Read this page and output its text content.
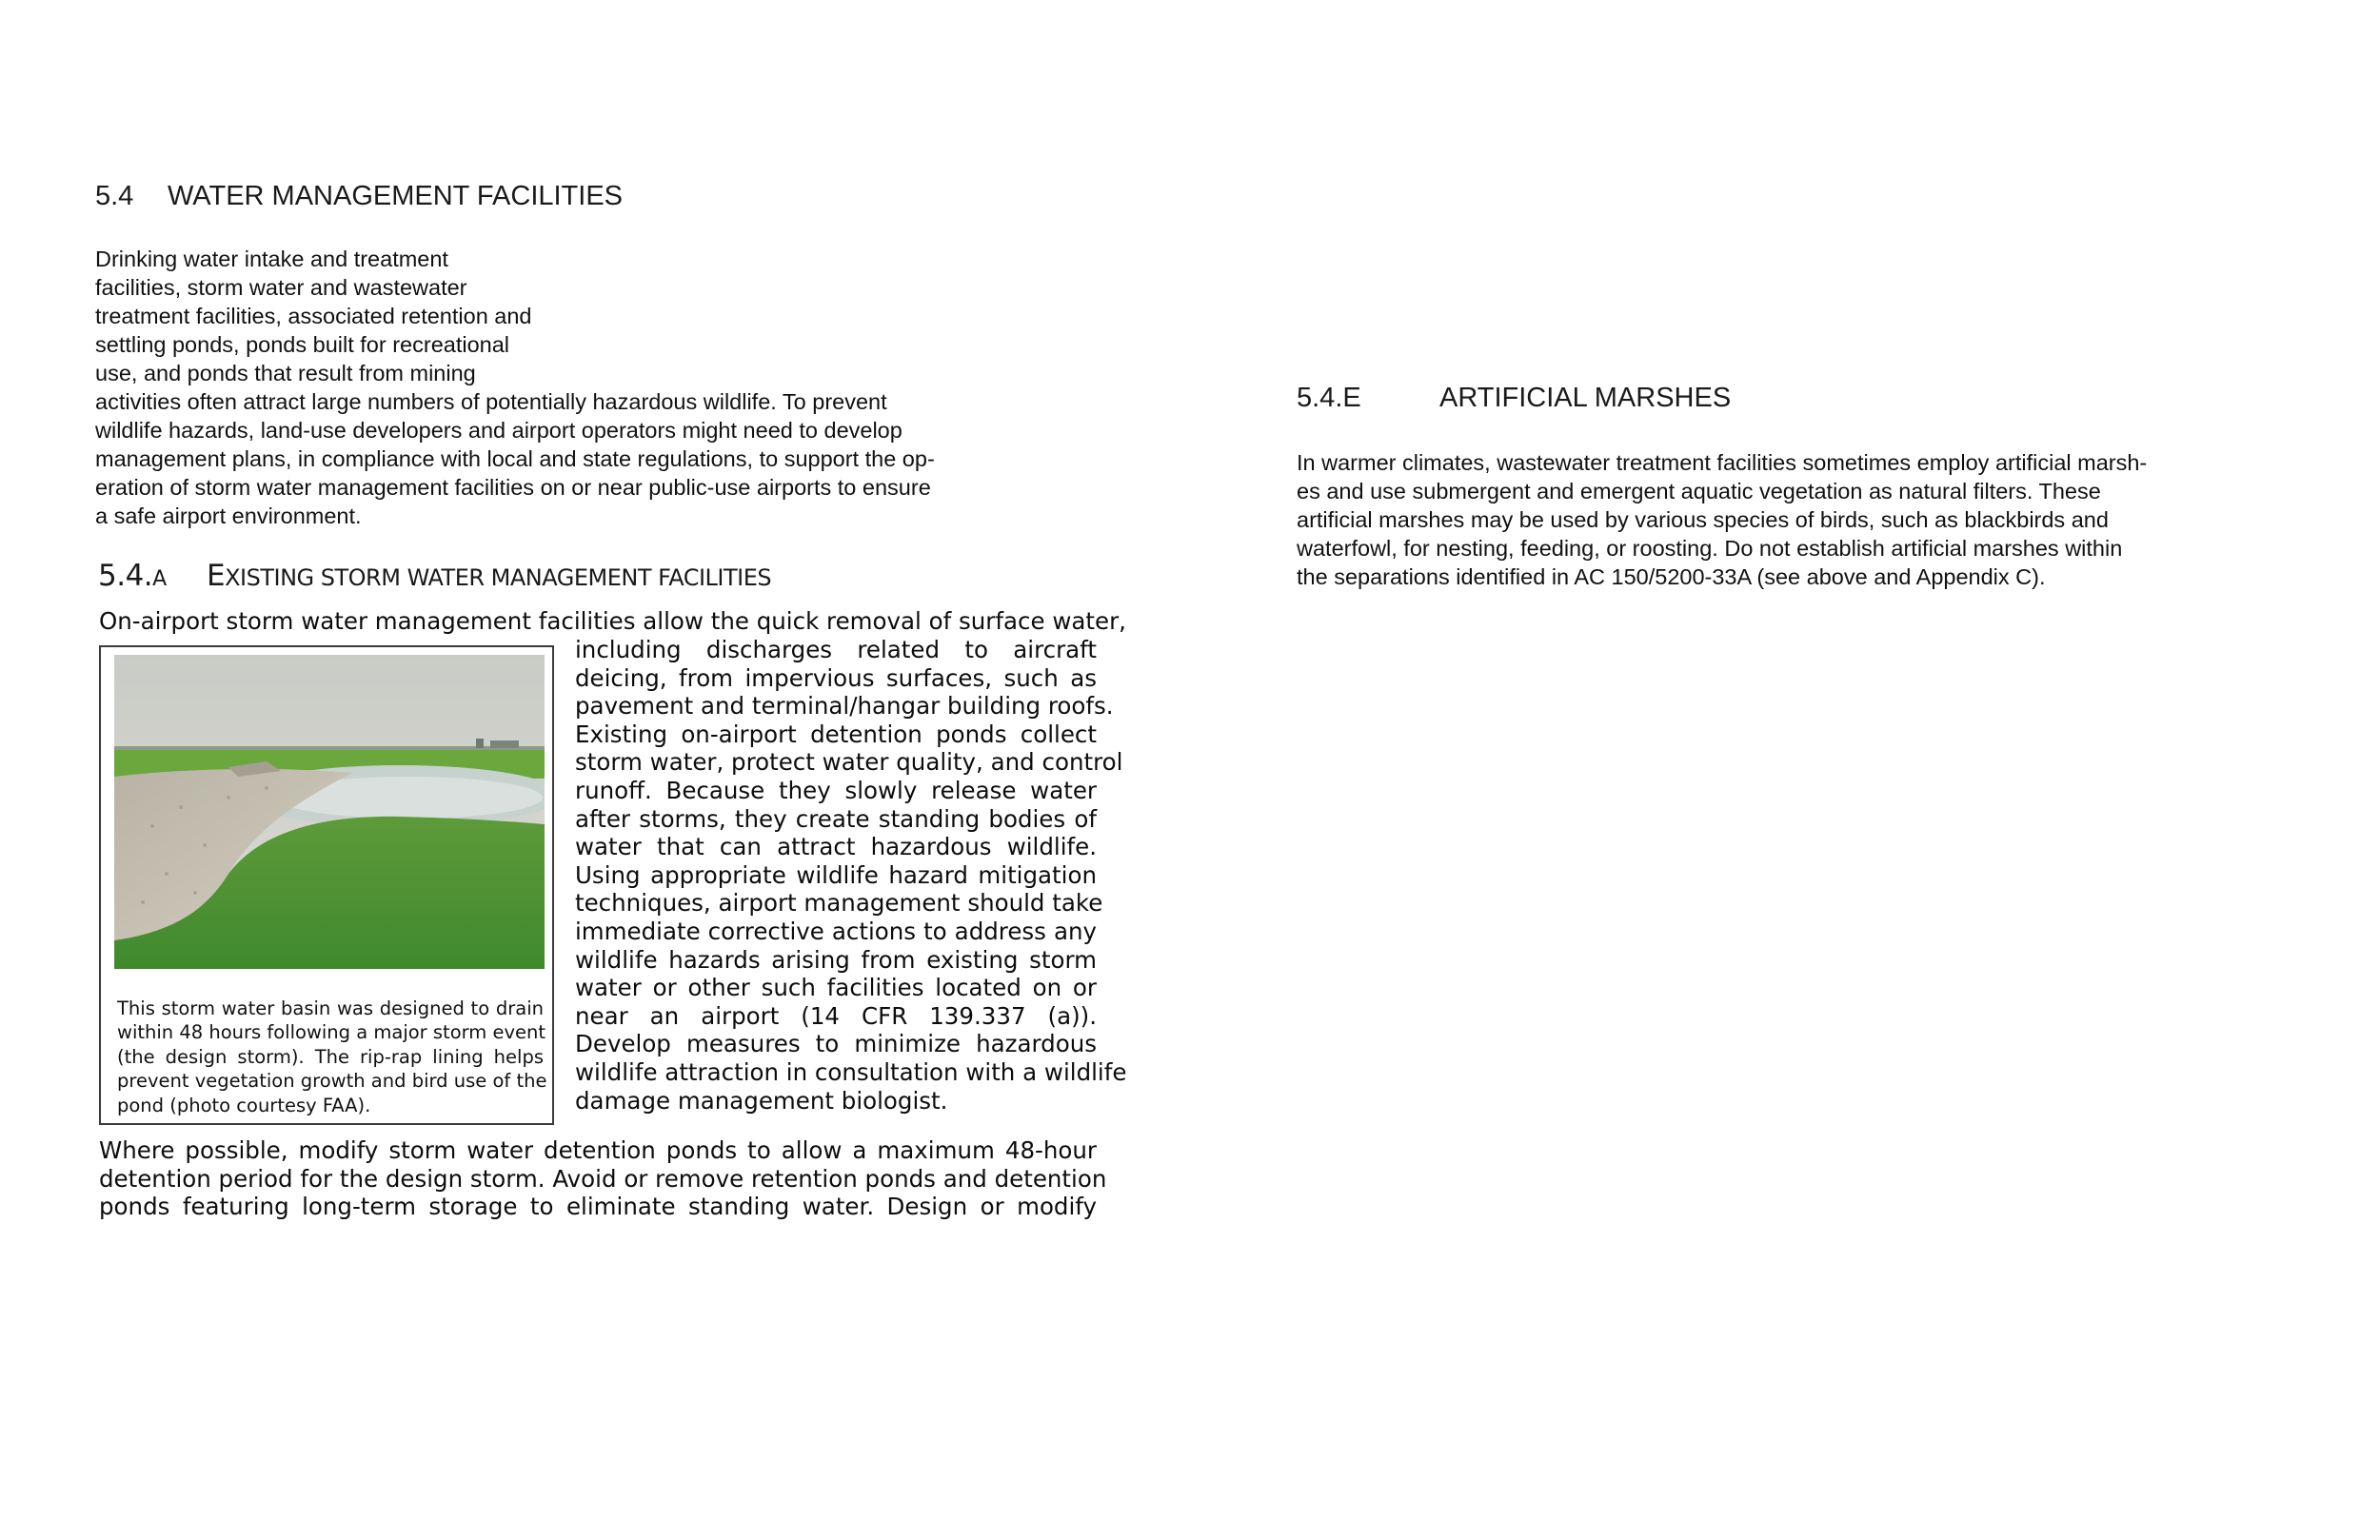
5.4 WATER MANAGEMENT FACILITIES
Drinking water intake and treatment
facilities, storm water and wastewater
treatment facilities, associated retention and
settling ponds, ponds built for recreational
use, and ponds that result from mining
activities often attract large numbers of potentially hazardous wildlife. To prevent
wildlife hazards, land-use developers and airport operators might need to develop
management plans, in compliance with local and state regulations, to support the op-
eration of storm water management facilities on or near public-use airports to ensure
a safe airport environment.
5.4.A EXISTING STORM WATER MANAGEMENT FACILITIES
On-airport storm water management facilities allow the quick removal of surface water,
This storm water basin was designed to drain
within 48 hours following a major storm event
(the design storm). The rip-rap lining helps
prevent vegetation growth and bird use of the
pond (photo courtesy FAA).
including discharges related to aircraft
deicing, from impervious surfaces, such as
pavement and terminal/hangar building roofs.
Existing on-airport detention ponds collect
storm water, protect water quality, and control
runoff. Because they slowly release water
after storms, they create standing bodies of
water that can attract hazardous wildlife.
Using appropriate wildlife hazard mitigation
techniques, airport management should take
immediate corrective actions to address any
wildlife hazards arising from existing storm
water or other such facilities located on or
near an airport (14 CFR 139.337 (a)).
Develop measures to minimize hazardous
wildlife attraction in consultation with a wildlife
damage management biologist.
Where possible, modify storm water detention ponds to allow a maximum 48-hour
detention period for the design storm. Avoid or remove retention ponds and detention
ponds featuring long-term storage to eliminate standing water. Design or modify
5.4.E	ARTIFICIAL MARSHES
In warmer climates, wastewater treatment facilities sometimes employ artificial marsh-
es and use submergent and emergent aquatic vegetation as natural filters. These
artificial marshes may be used by various species of birds, such as blackbirds and
waterfowl, for nesting, feeding, or roosting. Do not establish artificial marshes within
the separations identified in AC 150/5200-33A (see above and Appendix C).
